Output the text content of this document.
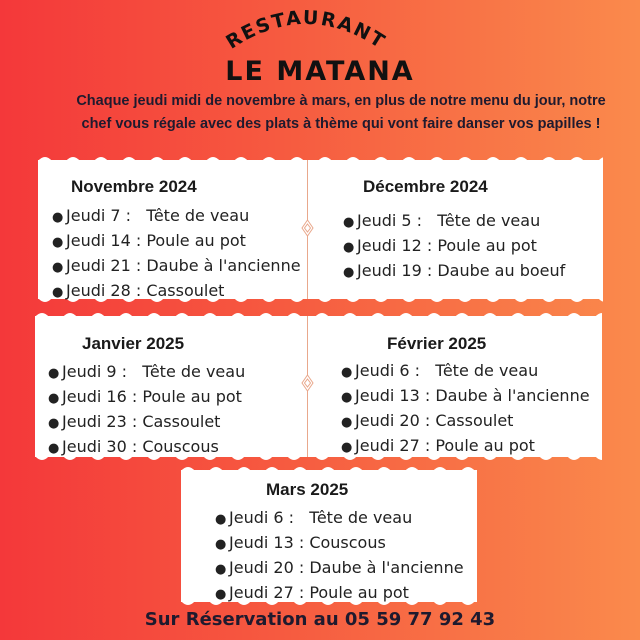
RESTAURANT
LE MATANA

Chaque jeudi midi de novembre à mars, en plus de notre menu du jour, notre chef vous régale avec des plats à thème qui vont faire danser vos papilles !

Novembre 2024
● Jeudi 7 :   Tête de veau
● Jeudi 14 : Poule au pot
● Jeudi 21 : Daube à l'ancienne
● Jeudi 28 : Cassoulet
Décembre 2024
● Jeudi 5 :   Tête de veau
● Jeudi 12 : Poule au pot
● Jeudi 19 : Daube au boeuf
Janvier 2025
● Jeudi 9 :   Tête de veau
● Jeudi 16 : Poule au pot
● Jeudi 23 : Cassoulet
● Jeudi 30 : Couscous
Février 2025
● Jeudi 6 :   Tête de veau
● Jeudi 13 : Daube à l'ancienne
● Jeudi 20 : Cassoulet
● Jeudi 27 : Poule au pot
Mars 2025
● Jeudi 6 :   Tête de veau
● Jeudi 13 : Couscous
● Jeudi 20 : Daube à l'ancienne
● Jeudi 27 : Poule au pot

Sur Réservation au 05 59 77 92 43
